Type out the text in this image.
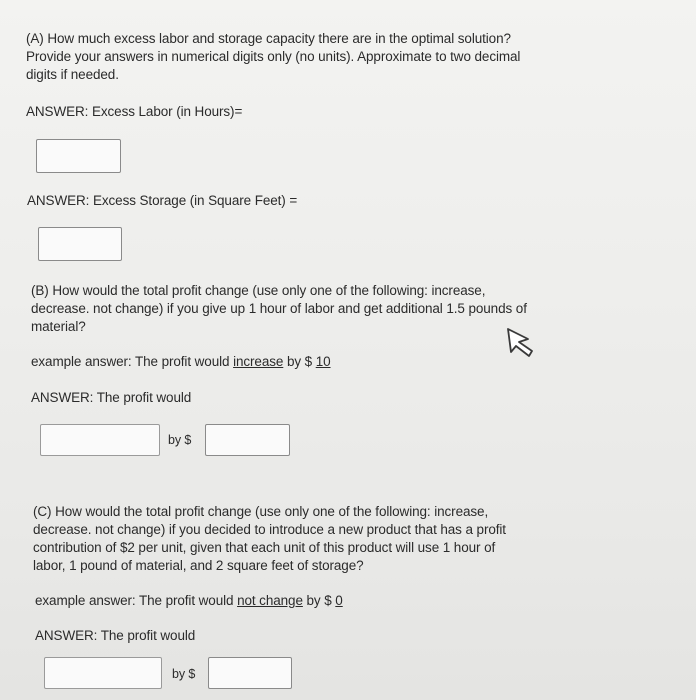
(A) How much excess labor and storage capacity there are in the optimal solution?
Provide your answers in numerical digits only (no units). Approximate to two decimal
digits if needed.
ANSWER: Excess Labor (in Hours)=
ANSWER: Excess Storage (in Square Feet) =
(B) How would the total profit change (use only one of the following: increase,
decrease. not change) if you give up 1 hour of labor and get additional 1.5 pounds of
material?
example answer: The profit would increase by $ 10
ANSWER: The profit would
by $
(C) How would the total profit change (use only one of the following: increase,
decrease. not change) if you decided to introduce a new product that has a profit
contribution of $2 per unit, given that each unit of this product will use 1 hour of
labor, 1 pound of material, and 2 square feet of storage?
example answer: The profit would not change by $ 0
ANSWER: The profit would
by $
